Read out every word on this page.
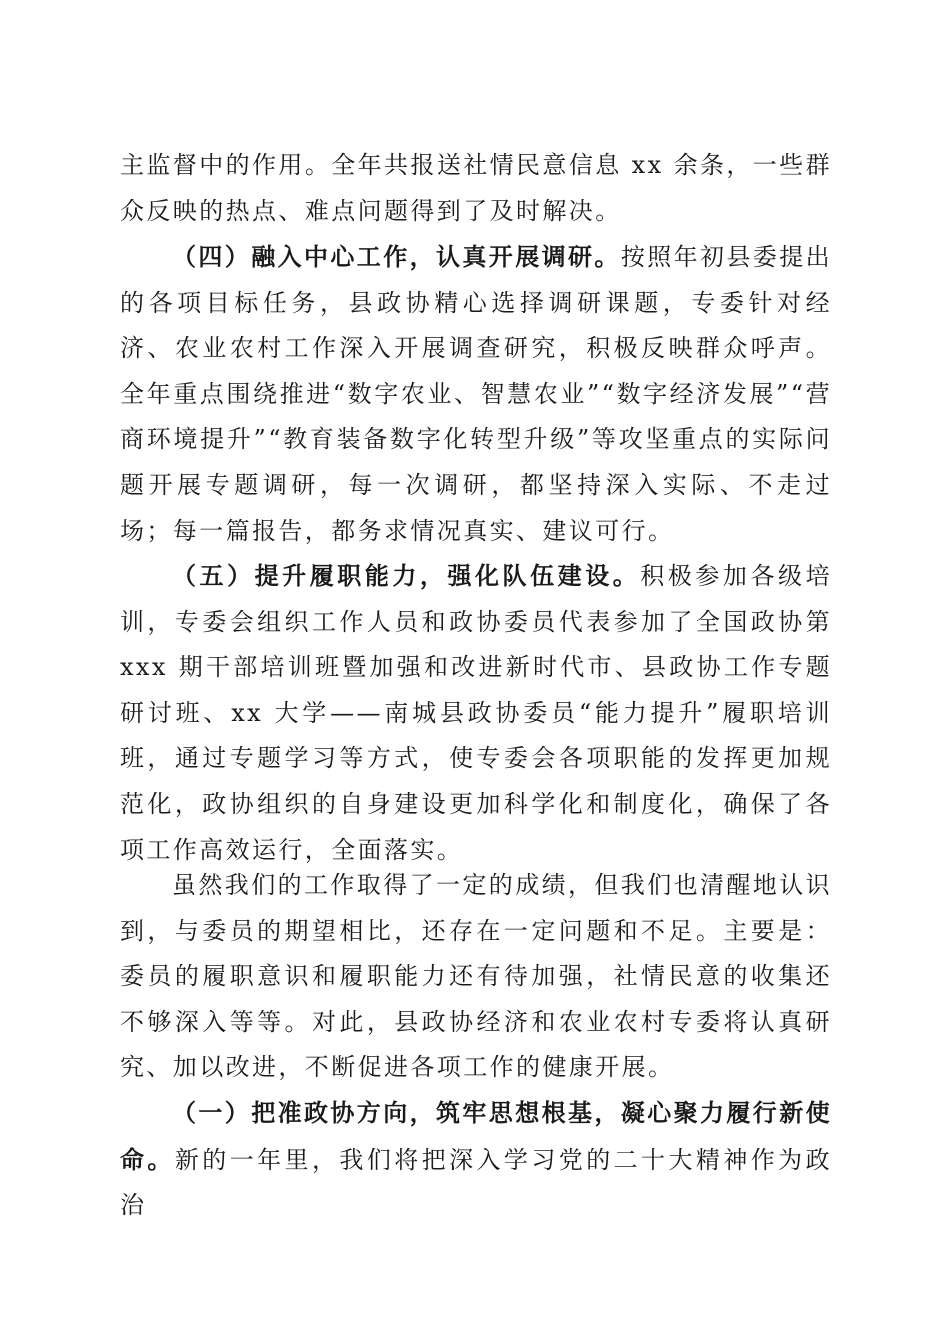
主监督中的作用。全年共报送社情民意信息 xx 余条，一些群众反映的热点、难点问题得到了及时解决。

（四）融入中心工作，认真开展调研。按照年初县委提出的各项目标任务，县政协精心选择调研课题，专委针对经济、农业农村工作深入开展调查研究，积极反映群众呼声。全年重点围绕推进“数字农业、智慧农业”“数字经济发展”“营商环境提升”“教育装备数字化转型升级”等攻坚重点的实际问题开展专题调研，每一次调研，都坚持深入实际、不走过场；每一篇报告，都务求情况真实、建议可行。

（五）提升履职能力，强化队伍建设。积极参加各级培训，专委会组织工作人员和政协委员代表参加了全国政协第 xxx 期干部培训班暨加强和改进新时代市、县政协工作专题研讨班、xx 大学——南城县政协委员“能力提升”履职培训班，通过专题学习等方式，使专委会各项职能的发挥更加规范化，政协组织的自身建设更加科学化和制度化，确保了各项工作高效运行，全面落实。

虽然我们的工作取得了一定的成绩，但我们也清醒地认识到，与委员的期望相比，还存在一定问题和不足。主要是：委员的履职意识和履职能力还有待加强，社情民意的收集还不够深入等等。对此，县政协经济和农业农村专委将认真研究、加以改进，不断促进各项工作的健康开展。

（一）把准政协方向，筑牢思想根基，凝心聚力履行新使命。新的一年里，我们将把深入学习党的二十大精神作为政治
